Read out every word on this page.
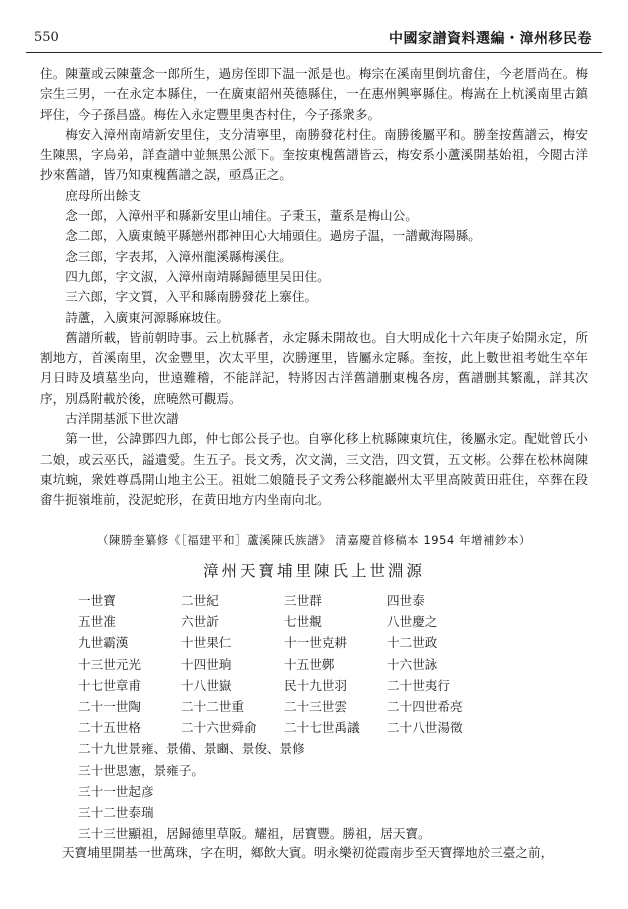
550	中國家譜資料選編・漳州移民卷

住。陳蕫或云陳蕫念一郎所生，過房侄即下温一派是也。梅宗在溪南里倒坑畬住，今老厝尚在。梅宗生三男，一在永定本縣住，一在廣東韶州英德縣住，一在惠州興寧縣住。梅嵩在上杭溪南里古鎮坪住，今子孫昌盛。梅佐入永定豐里奥杏村住，今子孫衆多。

梅安入漳州南靖新安里住，支分清寧里，南勝發花村住。南勝後屬平和。勝奎按舊譜云，梅安生陳黑，字烏弟，詳查譜中並無黑公派下。奎按東槐舊譜皆云，梅安系小蘆溪開基始祖，今閲古洋抄來舊譜，皆乃知東槐舊譜之誤，亟爲正之。

庶母所出餘支

念一郎，入漳州平和縣新安里山埔住。子秉玉，蕫系是梅山公。

念二郎，入廣東饒平縣戀州郡神田心大埔頭住。過房子温，一譜戴海陽縣。

念三郎，字表邦，入漳州龍溪縣梅溪住。

四九郎，字文淑，入漳州南靖縣歸德里吴田住。

三六郎，字文質，入平和縣南勝發花上寨住。

詩蘆，入廣東河源縣麻坡住。

舊譜所載，皆前朝時事。云上杭縣者，永定縣未開故也。自大明成化十六年庚子始開永定，所割地方，首溪南里，次金豐里，次太平里，次勝運里，皆屬永定縣。奎按，此上數世祖考妣生卒年月日時及墳墓坐向，世遠難稽，不能詳記，特將因古洋舊譜删東槐各房，舊譜删其繁亂，詳其次序，別爲附載於後，庶曉然可觀焉。

古洋開基派下世次譜

第一世，公諱鄧四九郎，仲七郎公長子也。自寧化移上杭縣陳東坑住，後屬永定。配妣曾氏小二娘，或云巫氏，謚遺愛。生五子。長文秀，次文満，三文浩，四文質，五文彬。公葬在松林崗陳東坑蜿，衆姓尊爲開山地主公王。祖妣二娘隨長子文秀公移龍巖州太平里高陂黄田莊住，卒葬在段畬牛扼嶺堆前，没泥蛇形，在黄田地方内坐南向北。

（陳勝奎纂修《［福建平和］蘆溪陳氏族譜》 清嘉慶首修稿本 1954 年增補鈔本）
漳州天寶埔里陳氏上世淵源
一世寶	二世紀	三世群	四世泰
五世准	六世訢	七世覜	八世慶之
九世霸漢	十世果仁	十一世克耕	十二世政
十三世元光	十四世珦	十五世鄸	十六世詠
十七世章甫	十八世嶽	民十九世羽	二十世夷行
二十一世陶	二十二世重	二十三世雲	二十四世希亮
二十五世格	二十六世舜俞	二十七世禹議	二十八世湯徵
二十九世景雍、景備、景豳、景俊、景修
三十世思憲，景雍子。
三十一世起彦
三十二世泰瑞
三十三世顯祖，居歸德里草阪。耀祖，居寶豐。勝祖，居天寶。

天寶埔里開基一世萬珠，字在明，鄉飲大賓。明永樂初從霞南步至天寶擇地於三臺之前，
